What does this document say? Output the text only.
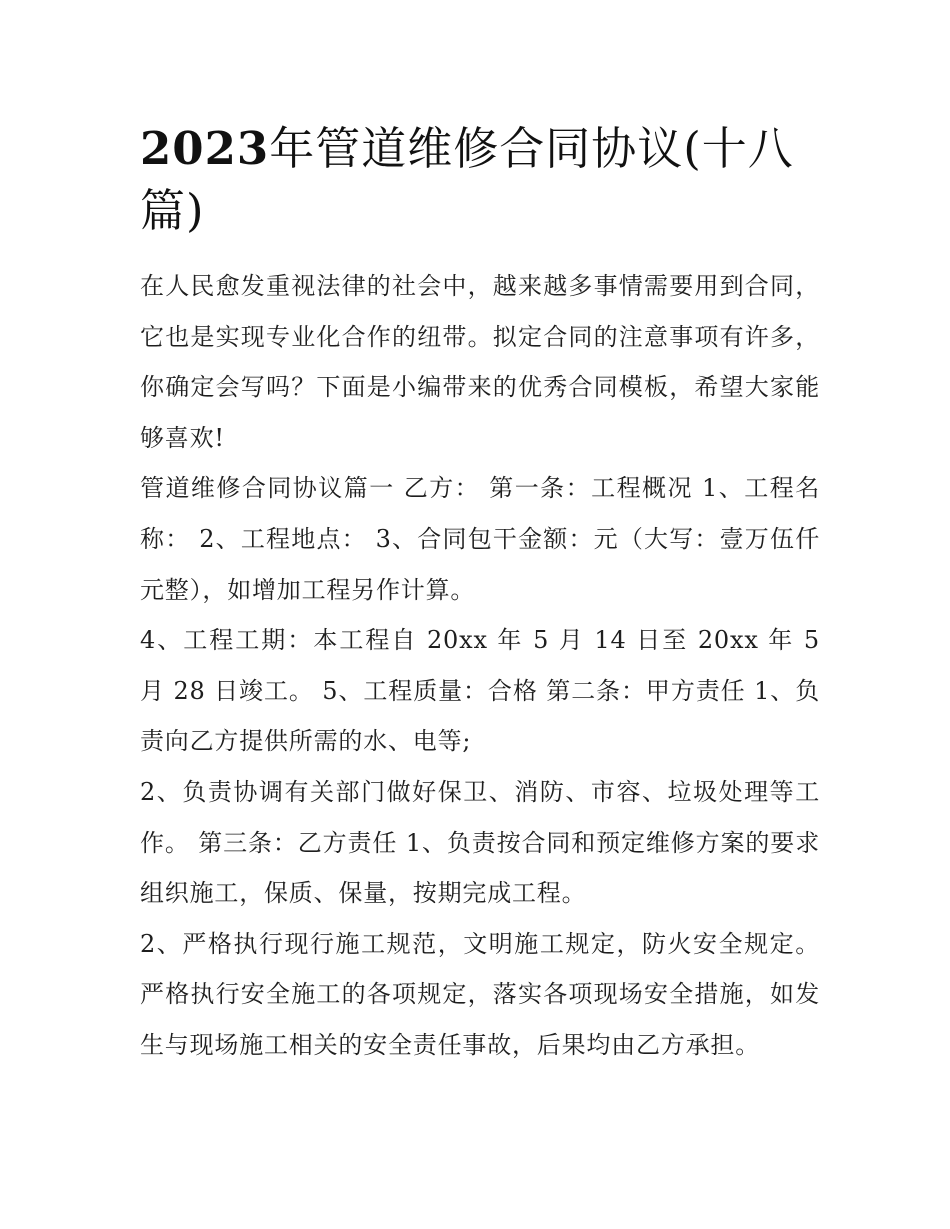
2023年管道维修合同协议(十八篇)

在人民愈发重视法律的社会中，越来越多事情需要用到合同，它也是实现专业化合作的纽带。拟定合同的注意事项有许多，你确定会写吗？下面是小编带来的优秀合同模板，希望大家能够喜欢!

管道维修合同协议篇一 乙方： 第一条：工程概况 1、工程名称： 2、工程地点： 3、合同包干金额：元（大写：壹万伍仟元整），如增加工程另作计算。

4、工程工期：本工程自 20xx 年 5 月 14 日至 20xx 年 5 月 28 日竣工。 5、工程质量：合格 第二条：甲方责任 1、负责向乙方提供所需的水、电等;

2、负责协调有关部门做好保卫、消防、市容、垃圾处理等工作。 第三条：乙方责任 1、负责按合同和预定维修方案的要求组织施工，保质、保量，按期完成工程。

2、严格执行现行施工规范，文明施工规定，防火安全规定。严格执行安全施工的各项规定，落实各项现场安全措施，如发生与现场施工相关的安全责任事故，后果均由乙方承担。
